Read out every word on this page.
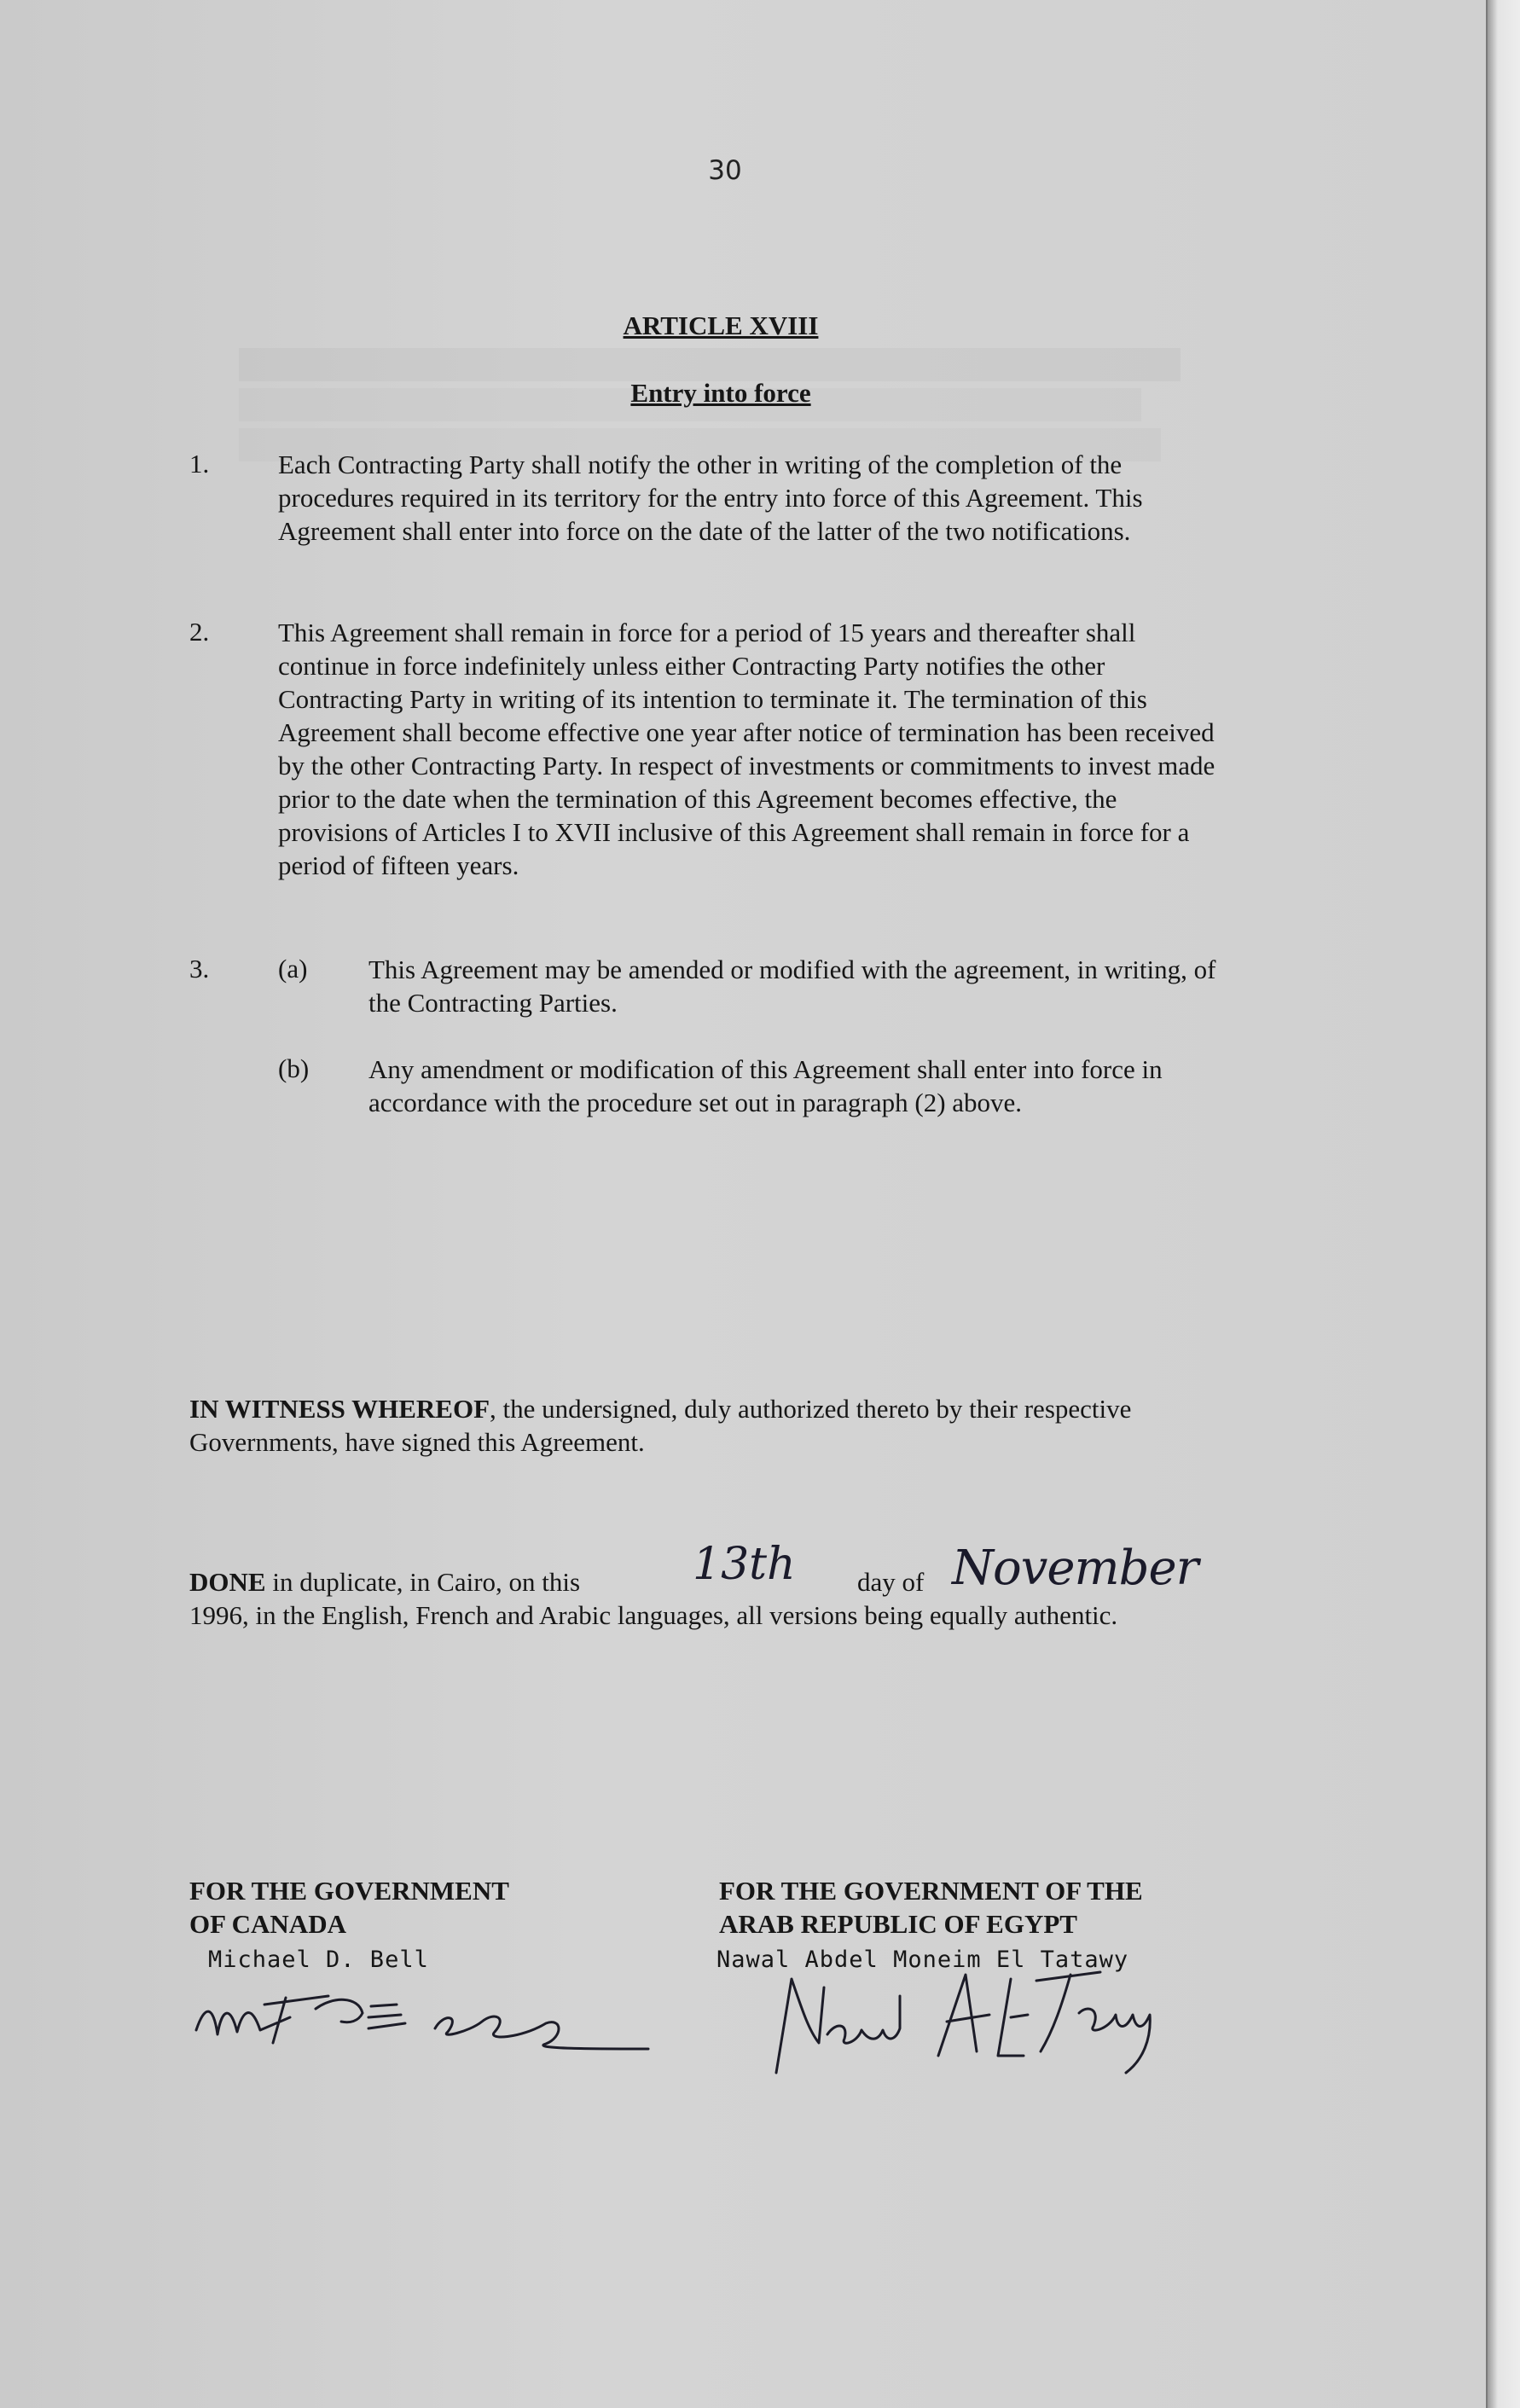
30
ARTICLE XVIII
Entry into force
1.	Each Contracting Party shall notify the other in writing of the completion of the procedures required in its territory for the entry into force of this Agreement. This Agreement shall enter into force on the date of the latter of the two notifications.
2.	This Agreement shall remain in force for a period of 15 years and thereafter shall continue in force indefinitely unless either Contracting Party notifies the other Contracting Party in writing of its intention to terminate it. The termination of this Agreement shall become effective one year after notice of termination has been received by the other Contracting Party. In respect of investments or commitments to invest made prior to the date when the termination of this Agreement becomes effective, the provisions of Articles I to XVII inclusive of this Agreement shall remain in force for a period of fifteen years.
3.	(a) This Agreement may be amended or modified with the agreement, in writing, of the Contracting Parties.
(b) Any amendment or modification of this Agreement shall enter into force in accordance with the procedure set out in paragraph (2) above.
IN WITNESS WHEREOF, the undersigned, duly authorized thereto by their respective Governments, have signed this Agreement.
DONE in duplicate, in Cairo, on this	13th day of November
1996, in the English, French and Arabic languages, all versions being equally authentic.
FOR THE GOVERNMENT
OF CANADA
Michael D. Bell
FOR THE GOVERNMENT OF THE
ARAB REPUBLIC OF EGYPT
Nawal Abdel Moneim El Tatawy
